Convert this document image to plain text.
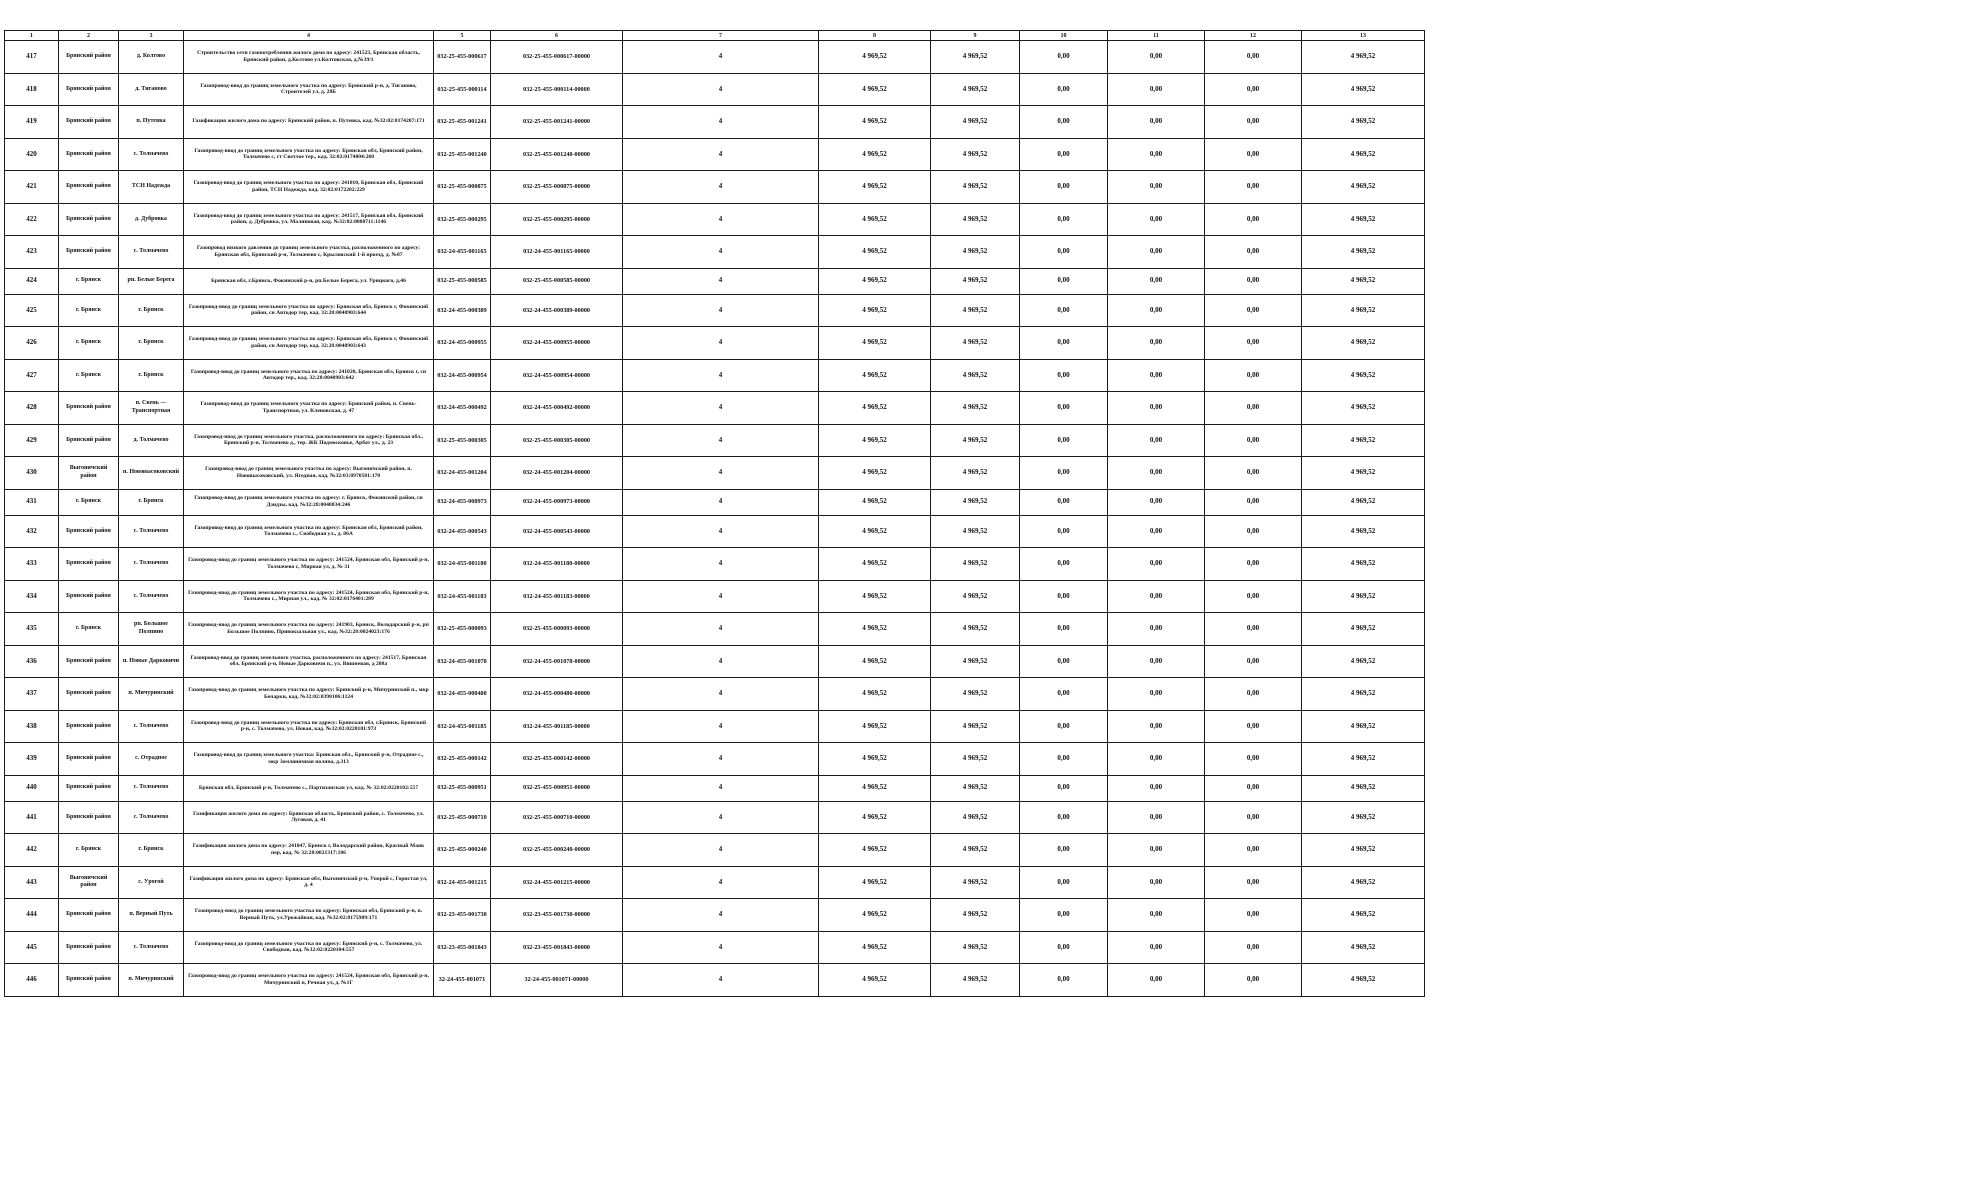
1	2	3	4	5	6	7	8	9	10	11	12	13
417	Брянский район	д. Колтово	Строительство сети газопотребления жилого дома по адресу: 241523, Брянская область, Брянский район, д.Колтово ул.Колтовская, д.№39/1	032-25-455-000617	032-25-455-000617-00000	4	4 969,52	4 969,52	0,00	0,00	0,00	4 969,52
418	Брянский район	д. Тиганово	Газопровод-ввод до границ земельного участка по адресу: Брянский р-н, д. Тиганово, Строителей ул, д. 28Б	032-25-455-000114	032-25-455-000114-00000	4	4 969,52	4 969,52	0,00	0,00	0,00	4 969,52
419	Брянский район	п. Путевка	Газификация жилого дома по адресу: Брянский район, п. Путевка, кад. №32:02:0174207:171	032-25-455-001241	032-25-455-001241-00000	4	4 969,52	4 969,52	0,00	0,00	0,00	4 969,52
420	Брянский район	с. Толмачево	Газопровод-ввод до границ земельного участка по адресу: Брянская обл, Брянский район, Толмачево с, ст Светлое тер., кад. 32:02:0174004:260	032-25-455-001240	032-25-455-001240-00000	4	4 969,52	4 969,52	0,00	0,00	0,00	4 969,52
421	Брянский район	ТСН Надежда	Газопровод-ввод до границ земельного участка по адресу: 241010, Брянская обл, Брянский район, ТСН Надежда, кад. 32:02:0172202:229	032-25-455-000875	032-25-455-000875-00000	4	4 969,52	4 969,52	0,00	0,00	0,00	4 969,52
422	Брянский район	д. Дубровка	Газопровод-ввод до границ земельного участка по адресу: 241517, Брянская обл, Брянский район, д. Дубровка, ул. Малиновая, кад. №32:02:0080711:1146	032-25-455-000295	032-25-455-000295-00000	4	4 969,52	4 969,52	0,00	0,00	0,00	4 969,52
423	Брянский район	с. Толмачево	Газопровод низкого давления до границ земельного участка, расположенного по адресу: Брянская обл, Брянский р-н, Толмачево с, Крыловский 1-й проезд, д. №87	032-24-455-001165	032-24-455-001165-00000	4	4 969,52	4 969,52	0,00	0,00	0,00	4 969,52
424	г. Брянск	рп. Белые Берега	Брянская обл, г.Брянск, Фокинский р-н, рп.Белые Берега, ул. Урицкого, д.46	032-25-455-000585	032-25-455-000585-00000	4	4 969,52	4 969,52	0,00	0,00	0,00	4 969,52
425	г. Брянск	г. Брянск	Газопровод-ввод до границ земельного участка по адресу: Брянская обл, Брянск г, Фокинский район, сн Автодор тер, кад. 32:28:0040903:644	032-24-455-000389	032-24-455-000389-00000	4	4 969,52	4 969,52	0,00	0,00	0,00	4 969,52
426	г. Брянск	г. Брянск	Газопровод-ввод до границ земельного участка по адресу: Брянская обл, Брянск г, Фокинский район, сн Автодор тер, кад. 32:28:0040903:643	032-24-455-000955	032-24-455-000955-00000	4	4 969,52	4 969,52	0,00	0,00	0,00	4 969,52
427	г. Брянск	г. Брянск	Газопровод-ввод до границ земельного участка по адресу: 241020, Брянская обл, Брянск г, сн Автодор тер., кад. 32:28:0040903:642	032-24-455-000954	032-24-455-000954-00000	4	4 969,52	4 969,52	0,00	0,00	0,00	4 969,52
428	Брянский район	п. Свень — Транспортная	Газопровод-ввод до границ земельного участка по адресу: Брянский район, п. Свень-Транспортная, ул. Кленовская, д. 47	032-24-455-000492	032-24-455-000492-00000	4	4 969,52	4 969,52	0,00	0,00	0,00	4 969,52
429	Брянский район	д. Толмачево	Газопровод-ввод до границ земельного участка, расположенного по адресу: Брянская обл., Брянский р-н, Толмачево д., тер. ЖК Подмосковье, Арбат ул., д. 23	032-25-455-000305	032-25-455-000305-00000	4	4 969,52	4 969,52	0,00	0,00	0,00	4 969,52
430	Выгоничский район	п. Нововысоковский	Газопровод-ввод до границ земельного участка по адресу: Выгоничский район, п. Нововысоковский, ул. Ягодная, кад. №32:03:0970501:170	032-24-455-001204	032-24-455-001204-00000	4	4 969,52	4 969,52	0,00	0,00	0,00	4 969,52
431	г. Брянск	г. Брянск	Газопровод-ввод до границ земельного участка по адресу: г. Брянск, Фокинский район, сн Дзидзы, кад. №32:28:0040834:246	032-24-455-000973	032-24-455-000973-00000	4	4 969,52	4 969,52	0,00	0,00	0,00	4 969,52
432	Брянский район	с. Толмачево	Газопровод-ввод до границ земельного участка по адресу: Брянская обл, Брянский район, Толмачево с., Свободная ул., д. 86А	032-24-455-000543	032-24-455-000543-00000	4	4 969,52	4 969,52	0,00	0,00	0,00	4 969,52
433	Брянский район	с. Толмачево	Газопровод-ввод до границ земельного участка по адресу: 241524, Брянская обл, Брянский р-н, Толмачево с, Мирная ул, д. № 31	032-24-455-001180	032-24-455-001180-00000	4	4 969,52	4 969,52	0,00	0,00	0,00	4 969,52
434	Брянский район	с. Толмачево	Газопровод-ввод до границ земельного участка по адресу: 241524, Брянская обл, Брянский р-н, Толмачево с., Мирная ул., кад. № 32:02:0176401:289	032-24-455-001183	032-24-455-001183-00000	4	4 969,52	4 969,52	0,00	0,00	0,00	4 969,52
435	г. Брянск	рп. Большое Полпино	Газопровод-ввод до границ земельного участка по адресу: 241903, Брянск, Володарский р-н, рп Большое Полпино, Привокзальная ул., кад. №32:28:0024023:176	032-25-455-000093	032-25-455-000093-00000	4	4 969,52	4 969,52	0,00	0,00	0,00	4 969,52
436	Брянский район	п. Новые Дарковичи	Газопровод-ввод до границ земельного участка, расположенного по адресу: 241517, Брянская обл, Брянский р-н, Новые Дарковичи п., ул. Вишневая, д 208а	032-24-455-001078	032-24-455-001078-00000	4	4 969,52	4 969,52	0,00	0,00	0,00	4 969,52
437	Брянский район	п. Мичуринский	Газопровод-ввод до границ земельного участка по адресу: Брянский р-н, Мичуринский п., мкр Бочарки, кад. №32:02:0390106:1124	032-24-455-000480	032-24-455-000480-00000	4	4 969,52	4 969,52	0,00	0,00	0,00	4 969,52
438	Брянский район	с. Толмачево	Газопровод-ввод до границ земельного участка по адресу: Брянская обл, г.Брянск, Брянский р-н, с. Толмачево, ул. Новая, кад. №32:02:0220101:973	032-24-455-001185	032-24-455-001185-00000	4	4 969,52	4 969,52	0,00	0,00	0,00	4 969,52
439	Брянский район	с. Отрадное	Газопровод-ввод до границ земельного участка: Брянская обл., Брянский р-н, Отрадное с., мкр Земляничная поляна, д.313	032-25-455-000142	032-25-455-000142-00000	4	4 969,52	4 969,52	0,00	0,00	0,00	4 969,52
440	Брянский район	с. Толмачево	Брянская обл, Брянский р-н, Толмачево с., Партизанская ул, кад. № 32:02:0220102:557	032-25-455-000951	032-25-455-000951-00000	4	4 969,52	4 969,52	0,00	0,00	0,00	4 969,52
441	Брянский район	с. Толмачево	Газификация жилого дома по адресу: Брянская область, Брянский район, с. Толмачево, ул. Луговая, д. 41	032-25-455-000710	032-25-455-000710-00000	4	4 969,52	4 969,52	0,00	0,00	0,00	4 969,52
442	г. Брянск	г. Брянск	Газификация жилого дома по адресу: 241047, Брянск г, Володарский район, Красный Маяк пер, кад. № 32:28:0021317:186	032-25-455-000240	032-25-455-000240-00000	4	4 969,52	4 969,52	0,00	0,00	0,00	4 969,52
443	Выгоничский район	с. Уporoй	Газификация жилого дома по адресу: Брянская обл, Выгоничский р-н, Упорой с, Гористая ул, д. 4	032-24-455-001215	032-24-455-001215-00000	4	4 969,52	4 969,52	0,00	0,00	0,00	4 969,52
444	Брянский район	п. Верный Путь	Газопровод-ввод до границ земельного участка по адресу: Брянская обл, Брянский р-н, п. Верный Путь, ул.Урожайная, кад. №32:02:0175909:171	032-23-455-001730	032-23-455-001730-00000	4	4 969,52	4 969,52	0,00	0,00	0,00	4 969,52
445	Брянский район	с. Толмачево	Газопровод-ввод до границ земельного участка по адресу: Брянский р-н, с. Толмачево, ул. Свободная, кад. №32:02:0220104:557	032-23-455-001843	032-23-455-001843-00000	4	4 969,52	4 969,52	0,00	0,00	0,00	4 969,52
446	Брянский район	п. Мичуринский	Газопровод-ввод до границ земельного участка по адресу: 241524, Брянская обл, Брянский р-н, Мичуринский п, Речная ул, д. №1Г	32-24-455-001071	32-24-455-001071-00000	4	4 969,52	4 969,52	0,00	0,00	0,00	4 969,52
